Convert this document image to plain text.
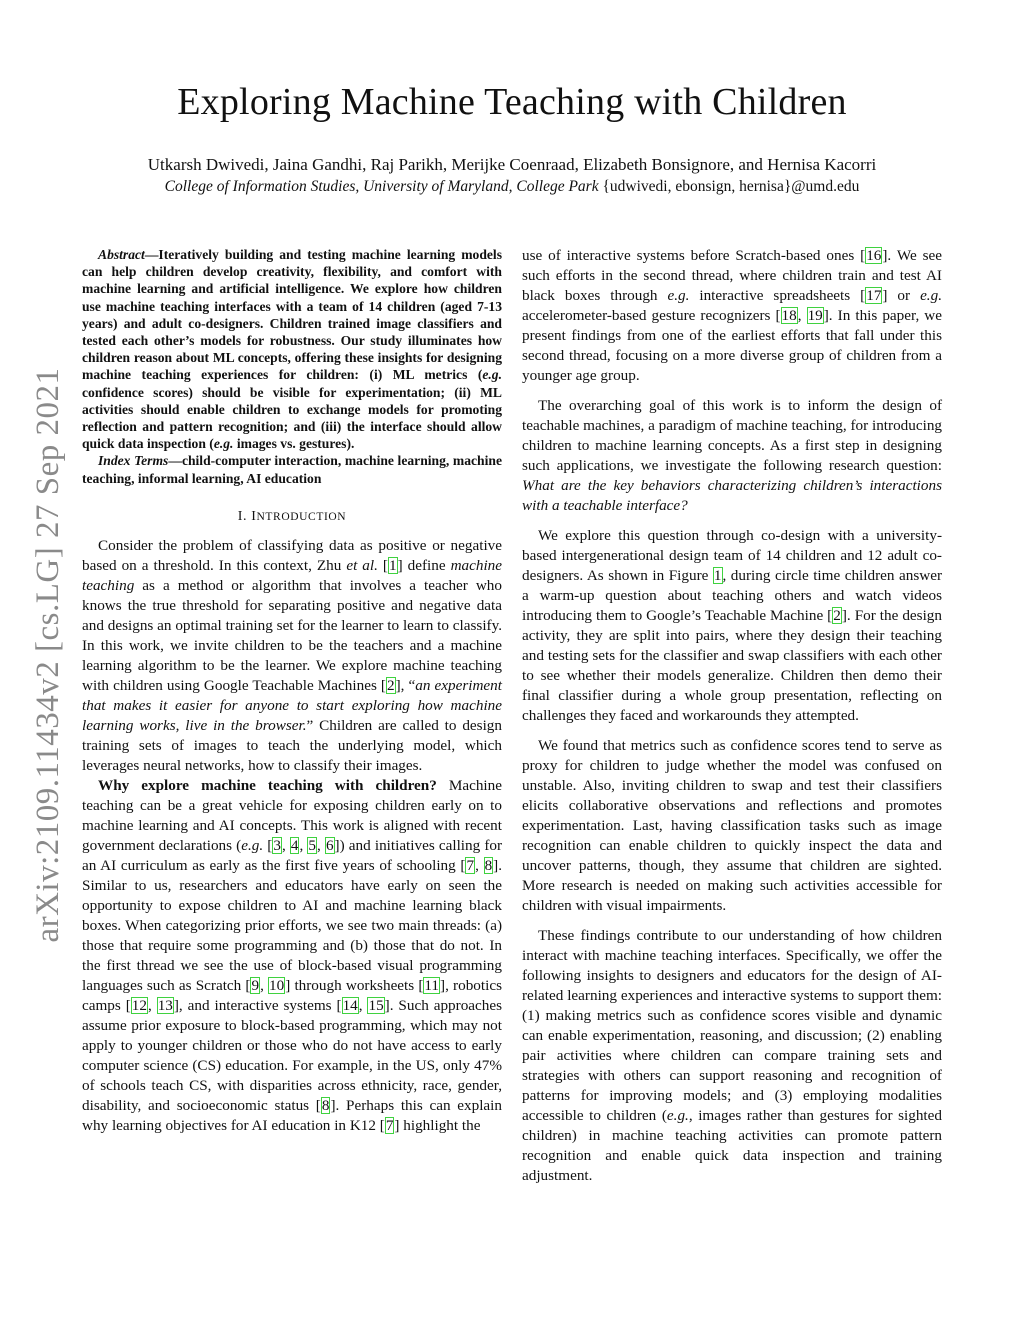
arXiv:2109.11434v2 [cs.LG] 27 Sep 2021
Exploring Machine Teaching with Children
Utkarsh Dwivedi, Jaina Gandhi, Raj Parikh, Merijke Coenraad, Elizabeth Bonsignore, and Hernisa Kacorri
College of Information Studies, University of Maryland, College Park {udwivedi, ebonsign, hernisa}@umd.edu

Abstract—Iteratively building and testing machine learning models can help children develop creativity, flexibility, and comfort with machine learning and artificial intelligence. We explore how children use machine teaching interfaces with a team of 14 children (aged 7-13 years) and adult co-designers. Children trained image classifiers and tested each other’s models for robustness. Our study illuminates how children reason about ML concepts, offering these insights for designing machine teaching experiences for children: (i) ML metrics (e.g. confidence scores) should be visible for experimentation; (ii) ML activities should enable children to exchange models for promoting reflection and pattern recognition; and (iii) the interface should allow quick data inspection (e.g. images vs. gestures).

Index Terms—child-computer interaction, machine learning, machine teaching, informal learning, AI education

I. INTRODUCTION

Consider the problem of classifying data as positive or negative based on a threshold. In this context, Zhu et al. [1] define machine teaching as a method or algorithm that involves a teacher who knows the true threshold for separating positive and negative data and designs an optimal training set for the learner to learn to classify. In this work, we invite children to be the teachers and a machine learning algorithm to be the learner. We explore machine teaching with children using Google Teachable Machines [2], “an experiment that makes it easier for anyone to start exploring how machine learning works, live in the browser.” Children are called to design training sets of images to teach the underlying model, which leverages neural networks, how to classify their images.

Why explore machine teaching with children? Machine teaching can be a great vehicle for exposing children early on to machine learning and AI concepts. This work is aligned with recent government declarations (e.g. [3, 4, 5, 6]) and initiatives calling for an AI curriculum as early as the first five years of schooling [7, 8]. Similar to us, researchers and educators have early on seen the opportunity to expose children to AI and machine learning black boxes. When categorizing prior efforts, we see two main threads: (a) those that require some programming and (b) those that do not. In the first thread we see the use of block-based visual programming languages such as Scratch [9, 10] through worksheets [11], robotics camps [12, 13], and interactive systems [14, 15]. Such approaches assume prior exposure to block-based programming, which may not apply to younger children or those who do not have access to early computer science (CS) education. For example, in the US, only 47% of schools teach CS, with disparities across ethnicity, race, gender, disability, and socioeconomic status [8]. Perhaps this can explain why learning objectives for AI education in K12 [7] highlight the

use of interactive systems before Scratch-based ones [16]. We see such efforts in the second thread, where children train and test AI black boxes through e.g. interactive spreadsheets [17] or e.g. accelerometer-based gesture recognizers [18, 19]. In this paper, we present findings from one of the earliest efforts that fall under this second thread, focusing on a more diverse group of children from a younger age group.

The overarching goal of this work is to inform the design of teachable machines, a paradigm of machine teaching, for introducing children to machine learning concepts. As a first step in designing such applications, we investigate the following research question: What are the key behaviors characterizing children’s interactions with a teachable interface?

We explore this question through co-design with a university-based intergenerational design team of 14 children and 12 adult co-designers. As shown in Figure 1, during circle time children answer a warm-up question about teaching others and watch videos introducing them to Google’s Teachable Machine [2]. For the design activity, they are split into pairs, where they design their teaching and testing sets for the classifier and swap classifiers with each other to see whether their models generalize. Children then demo their final classifier during a whole group presentation, reflecting on challenges they faced and workarounds they attempted.

We found that metrics such as confidence scores tend to serve as proxy for children to judge whether the model was confused on unstable. Also, inviting children to swap and test their classifiers elicits collaborative observations and reflections and promotes experimentation. Last, having classification tasks such as image recognition can enable children to quickly inspect the data and uncover patterns, though, they assume that children are sighted. More research is needed on making such activities accessible for children with visual impairments.

These findings contribute to our understanding of how children interact with machine teaching interfaces. Specifically, we offer the following insights to designers and educators for the design of AI-related learning experiences and interactive systems to support them: (1) making metrics such as confidence scores visible and dynamic can enable experimentation, reasoning, and discussion; (2) enabling pair activities where children can compare training sets and strategies with others can support reasoning and recognition of patterns for improving models; and (3) employing modalities accessible to children (e.g., images rather than gestures for sighted children) in machine teaching activities can promote pattern recognition and enable quick data inspection and training adjustment.
